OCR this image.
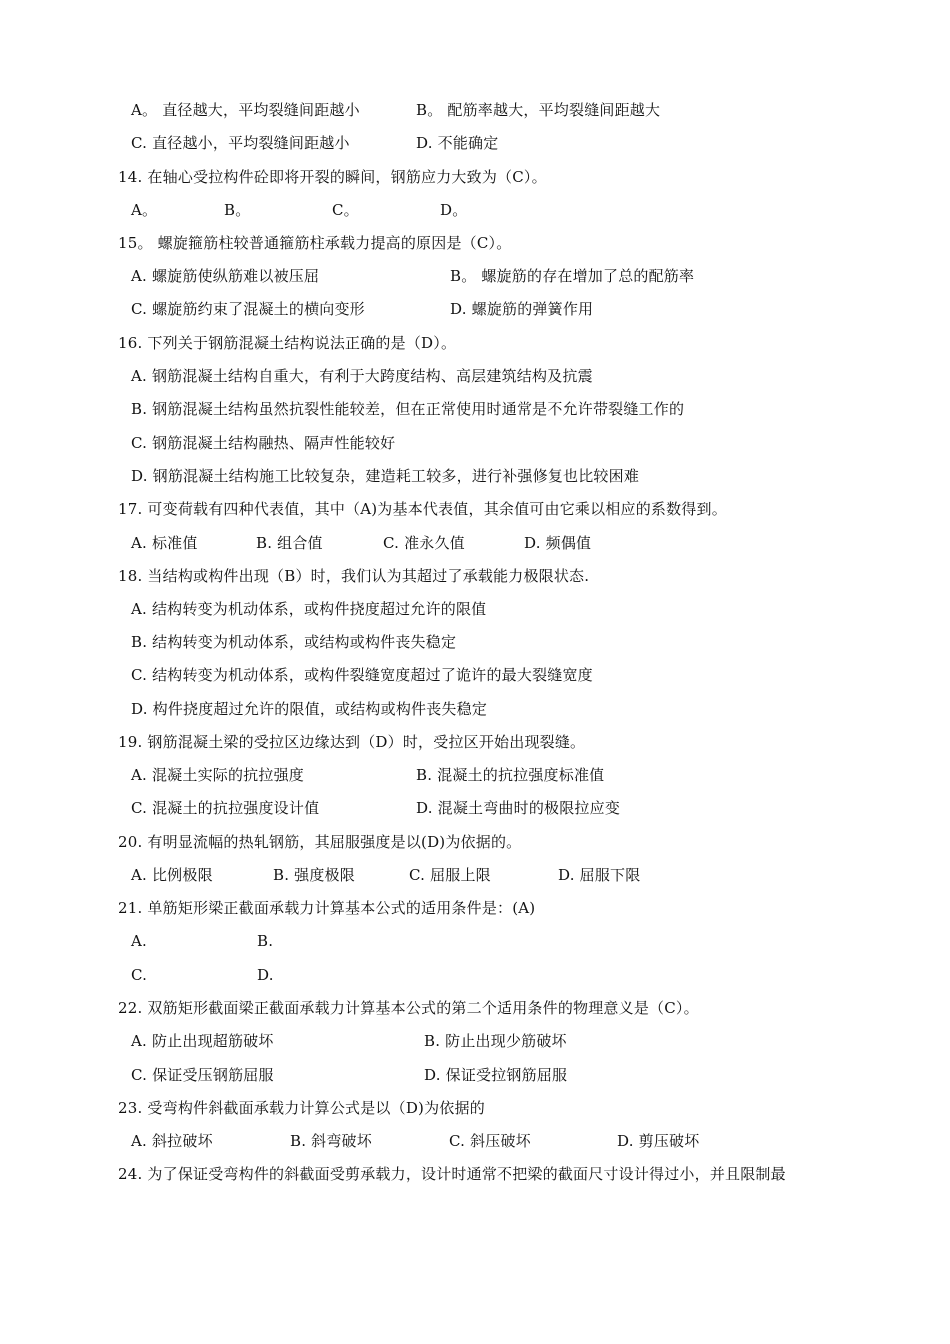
A。 直径越大，平均裂缝间距越小	B。 配筋率越大，平均裂缝间距越大
C. 直径越小，平均裂缝间距越小	D. 不能确定
14. 在轴心受拉构件砼即将开裂的瞬间，钢筋应力大致为（C）。
A。	B。	C。	D。
15。 螺旋箍筋柱较普通箍筋柱承载力提高的原因是（C）。
A. 螺旋筋使纵筋难以被压屈	B。 螺旋筋的存在增加了总的配筋率
C. 螺旋筋约束了混凝土的横向变形	D. 螺旋筋的弹簧作用
16. 下列关于钢筋混凝土结构说法正确的是（D）。
A. 钢筋混凝土结构自重大，有利于大跨度结构、高层建筑结构及抗震
B. 钢筋混凝土结构虽然抗裂性能较差，但在正常使用时通常是不允许带裂缝工作的
C. 钢筋混凝土结构融热、隔声性能较好
D. 钢筋混凝土结构施工比较复杂，建造耗工较多，进行补强修复也比较困难
17. 可变荷载有四种代表值，其中（A)为基本代表值，其余值可由它乘以相应的系数得到。
A. 标准值	B. 组合值	C. 准永久值	D. 频偶值
18. 当结构或构件出现（B）时，我们认为其超过了承载能力极限状态.
A. 结构转变为机动体系，或构件挠度超过允许的限值
B. 结构转变为机动体系，或结构或构件丧失稳定
C. 结构转变为机动体系，或构件裂缝宽度超过了诡许的最大裂缝宽度
D. 构件挠度超过允许的限值，或结构或构件丧失稳定
19. 钢筋混凝土梁的受拉区边缘达到（D）时，受拉区开始出现裂缝。
A. 混凝土实际的抗拉强度	B. 混凝土的抗拉强度标准值
C. 混凝土的抗拉强度设计值	D. 混凝土弯曲时的极限拉应变
20. 有明显流幅的热轧钢筋，其屈服强度是以(D)为依据的。
A. 比例极限	B. 强度极限	C. 屈服上限	D. 屈服下限
21. 单筋矩形梁正截面承载力计算基本公式的适用条件是：(A)
A.	B.
C.	D.
22. 双筋矩形截面梁正截面承载力计算基本公式的第二个适用条件的物理意义是（C）。
A. 防止出现超筋破坏	B. 防止出现少筋破坏
C. 保证受压钢筋屈服	D. 保证受拉钢筋屈服
23. 受弯构件斜截面承载力计算公式是以（D)为依据的
A. 斜拉破坏	B. 斜弯破坏	C. 斜压破坏	D. 剪压破坏
24. 为了保证受弯构件的斜截面受剪承载力，设计时通常不把梁的截面尺寸设计得过小，并且限制最
